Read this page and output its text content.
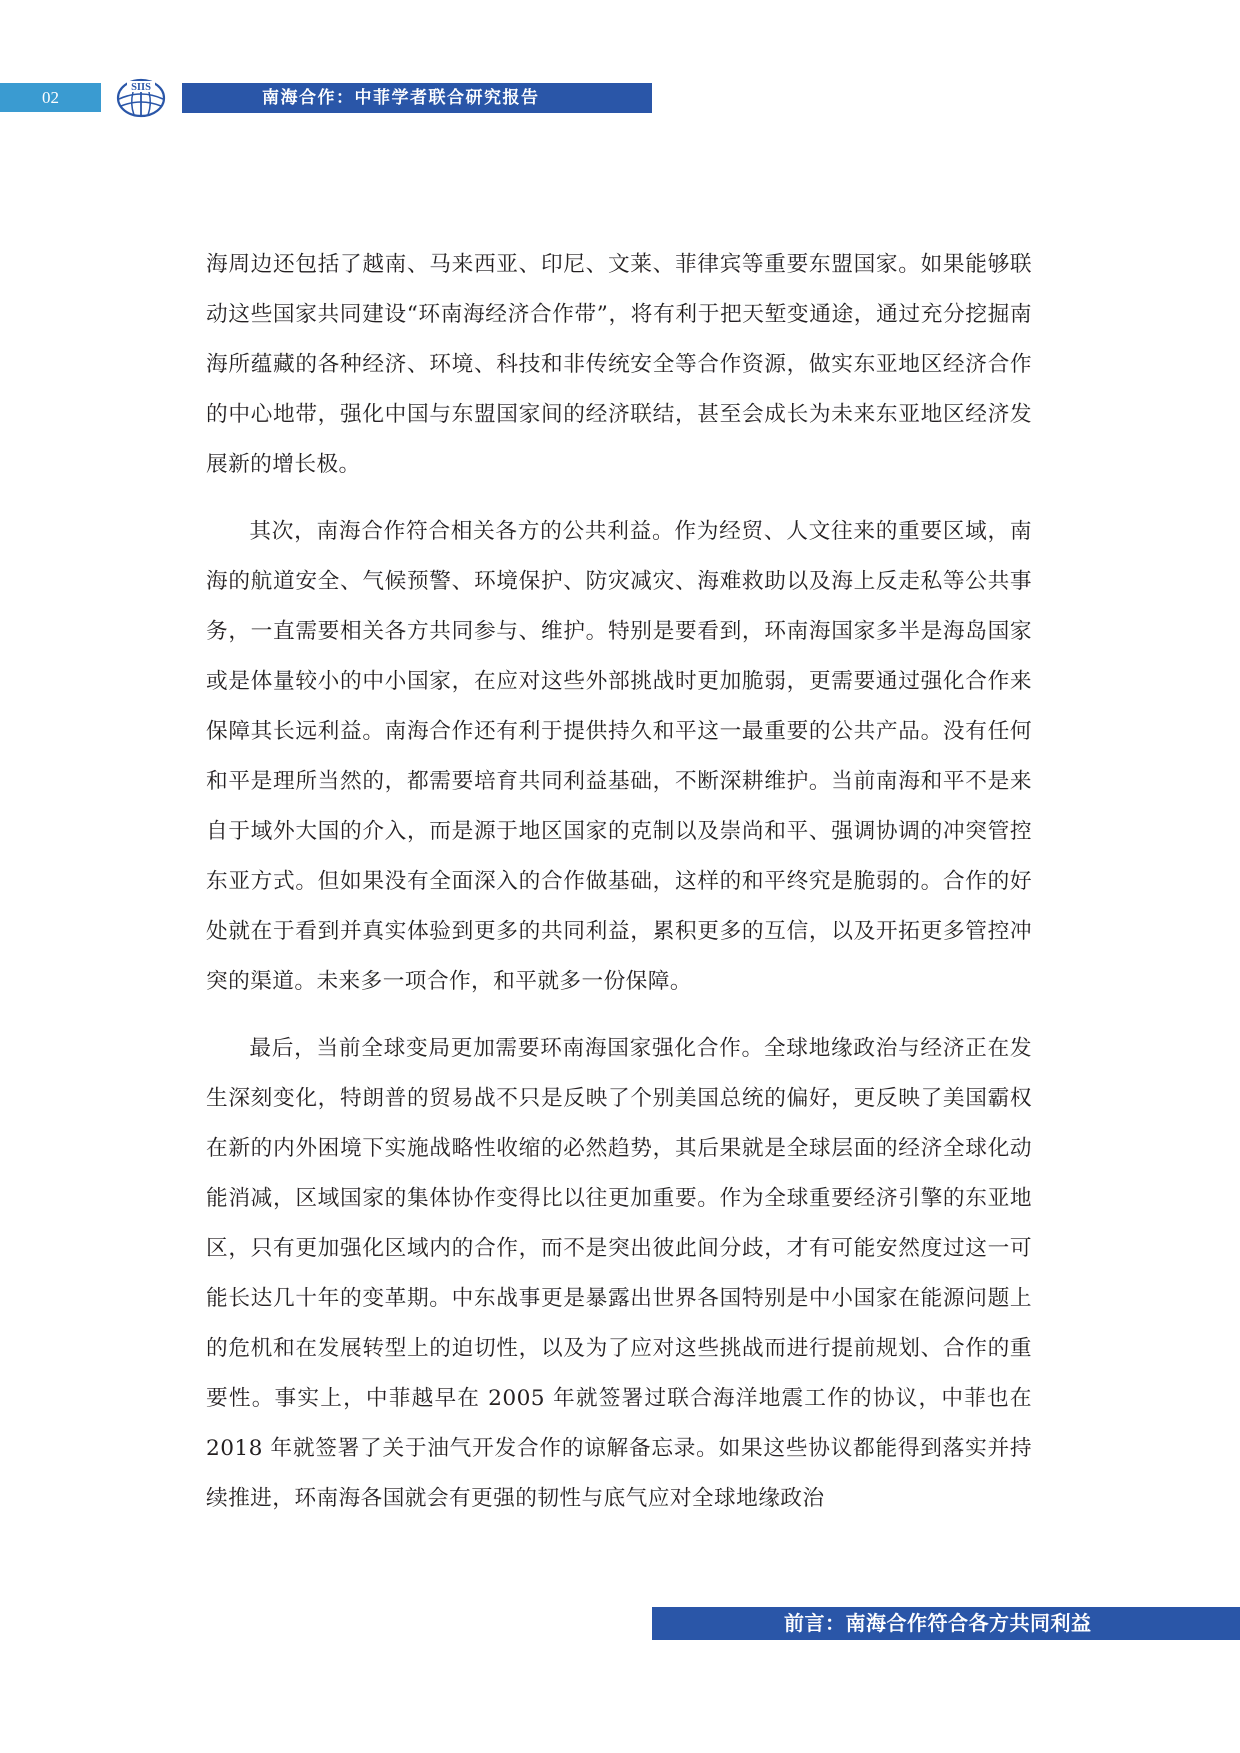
02
SIIS
南海合作：中菲学者联合研究报告

海周边还包括了越南、马来西亚、印尼、文莱、菲律宾等重要东盟国家。如果能够联动这些国家共同建设“环南海经济合作带”，将有利于把天堑变通途，通过充分挖掘南海所蕴藏的各种经济、环境、科技和非传统安全等合作资源，做实东亚地区经济合作的中心地带，强化中国与东盟国家间的经济联结，甚至会成长为未来东亚地区经济发展新的增长极。

其次，南海合作符合相关各方的公共利益。作为经贸、人文往来的重要区域，南海的航道安全、气候预警、环境保护、防灾减灾、海难救助以及海上反走私等公共事务，一直需要相关各方共同参与、维护。特别是要看到，环南海国家多半是海岛国家或是体量较小的中小国家，在应对这些外部挑战时更加脆弱，更需要通过强化合作来保障其长远利益。南海合作还有利于提供持久和平这一最重要的公共产品。没有任何和平是理所当然的，都需要培育共同利益基础，不断深耕维护。当前南海和平不是来自于域外大国的介入，而是源于地区国家的克制以及崇尚和平、强调协调的冲突管控东亚方式。但如果没有全面深入的合作做基础，这样的和平终究是脆弱的。合作的好处就在于看到并真实体验到更多的共同利益，累积更多的互信，以及开拓更多管控冲突的渠道。未来多一项合作，和平就多一份保障。

最后，当前全球变局更加需要环南海国家强化合作。全球地缘政治与经济正在发生深刻变化，特朗普的贸易战不只是反映了个别美国总统的偏好，更反映了美国霸权在新的内外困境下实施战略性收缩的必然趋势，其后果就是全球层面的经济全球化动能消减，区域国家的集体协作变得比以往更加重要。作为全球重要经济引擎的东亚地区，只有更加强化区域内的合作，而不是突出彼此间分歧，才有可能安然度过这一可能长达几十年的变革期。中东战事更是暴露出世界各国特别是中小国家在能源问题上的危机和在发展转型上的迫切性，以及为了应对这些挑战而进行提前规划、合作的重要性。事实上，中菲越早在 2005 年就签署过联合海洋地震工作的协议，中菲也在 2018 年就签署了关于油气开发合作的谅解备忘录。如果这些协议都能得到落实并持续推进，环南海各国就会有更强的韧性与底气应对全球地缘政治

前言：南海合作符合各方共同利益
